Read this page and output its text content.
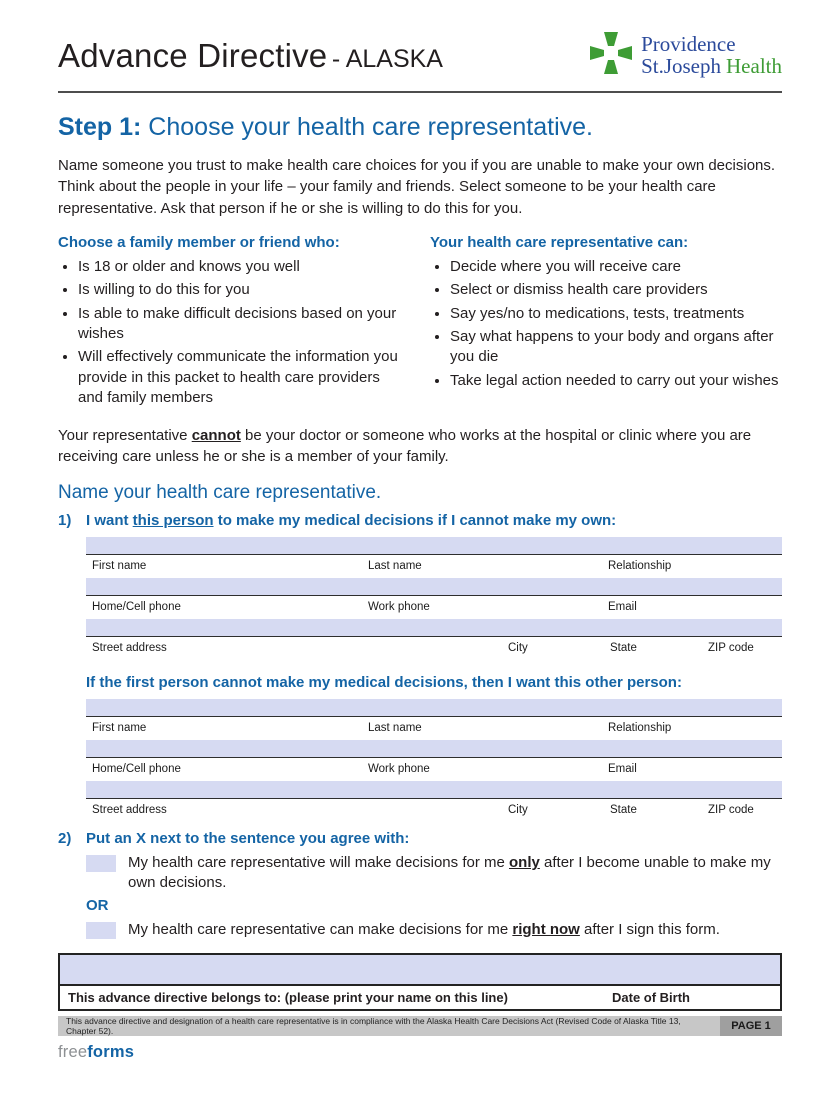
Advance Directive - ALASKA
Providence
St.Joseph Health
Step 1: Choose your health care representative.

Name someone you trust to make health care choices for you if you are unable to make your own decisions. Think about the people in your life – your family and friends. Select someone to be your health care representative. Ask that person if he or she is willing to do this for you.

Choose a family member or friend who:

• Is 18 or older and knows you well
• Is willing to do this for you
• Is able to make difficult decisions based on your wishes
• Will effectively communicate the information you provide in this packet to health care providers and family members

Your health care representative can:

• Decide where you will receive care
• Select or dismiss health care providers
• Say yes/no to medications, tests, treatments
• Say what happens to your body and organs after you die
• Take legal action needed to carry out your wishes

Your representative cannot be your doctor or someone who works at the hospital or clinic where you are receiving care unless he or she is a member of your family.

Name your health care representative.
1) I want this person to make my medical decisions if I cannot make my own:
First name	Last name	Relationship
Home/Cell phone	Work phone	Email
Street address	City	State	ZIP code
If the first person cannot make my medical decisions, then I want this other person:
First name	Last name	Relationship
Home/Cell phone	Work phone	Email
Street address	City	State	ZIP code
2) Put an X next to the sentence you agree with:
My health care representative will make decisions for me only after I become unable to make my own decisions.
OR
My health care representative can make decisions for me right now after I sign this form.
This advance directive belongs to: (please print your name on this line)	Date of Birth
This advance directive and designation of a health care representative is in compliance with the Alaska Health Care Decisions Act (Revised Code of Alaska Title 13, Chapter 52).	PAGE 1
freeforms
